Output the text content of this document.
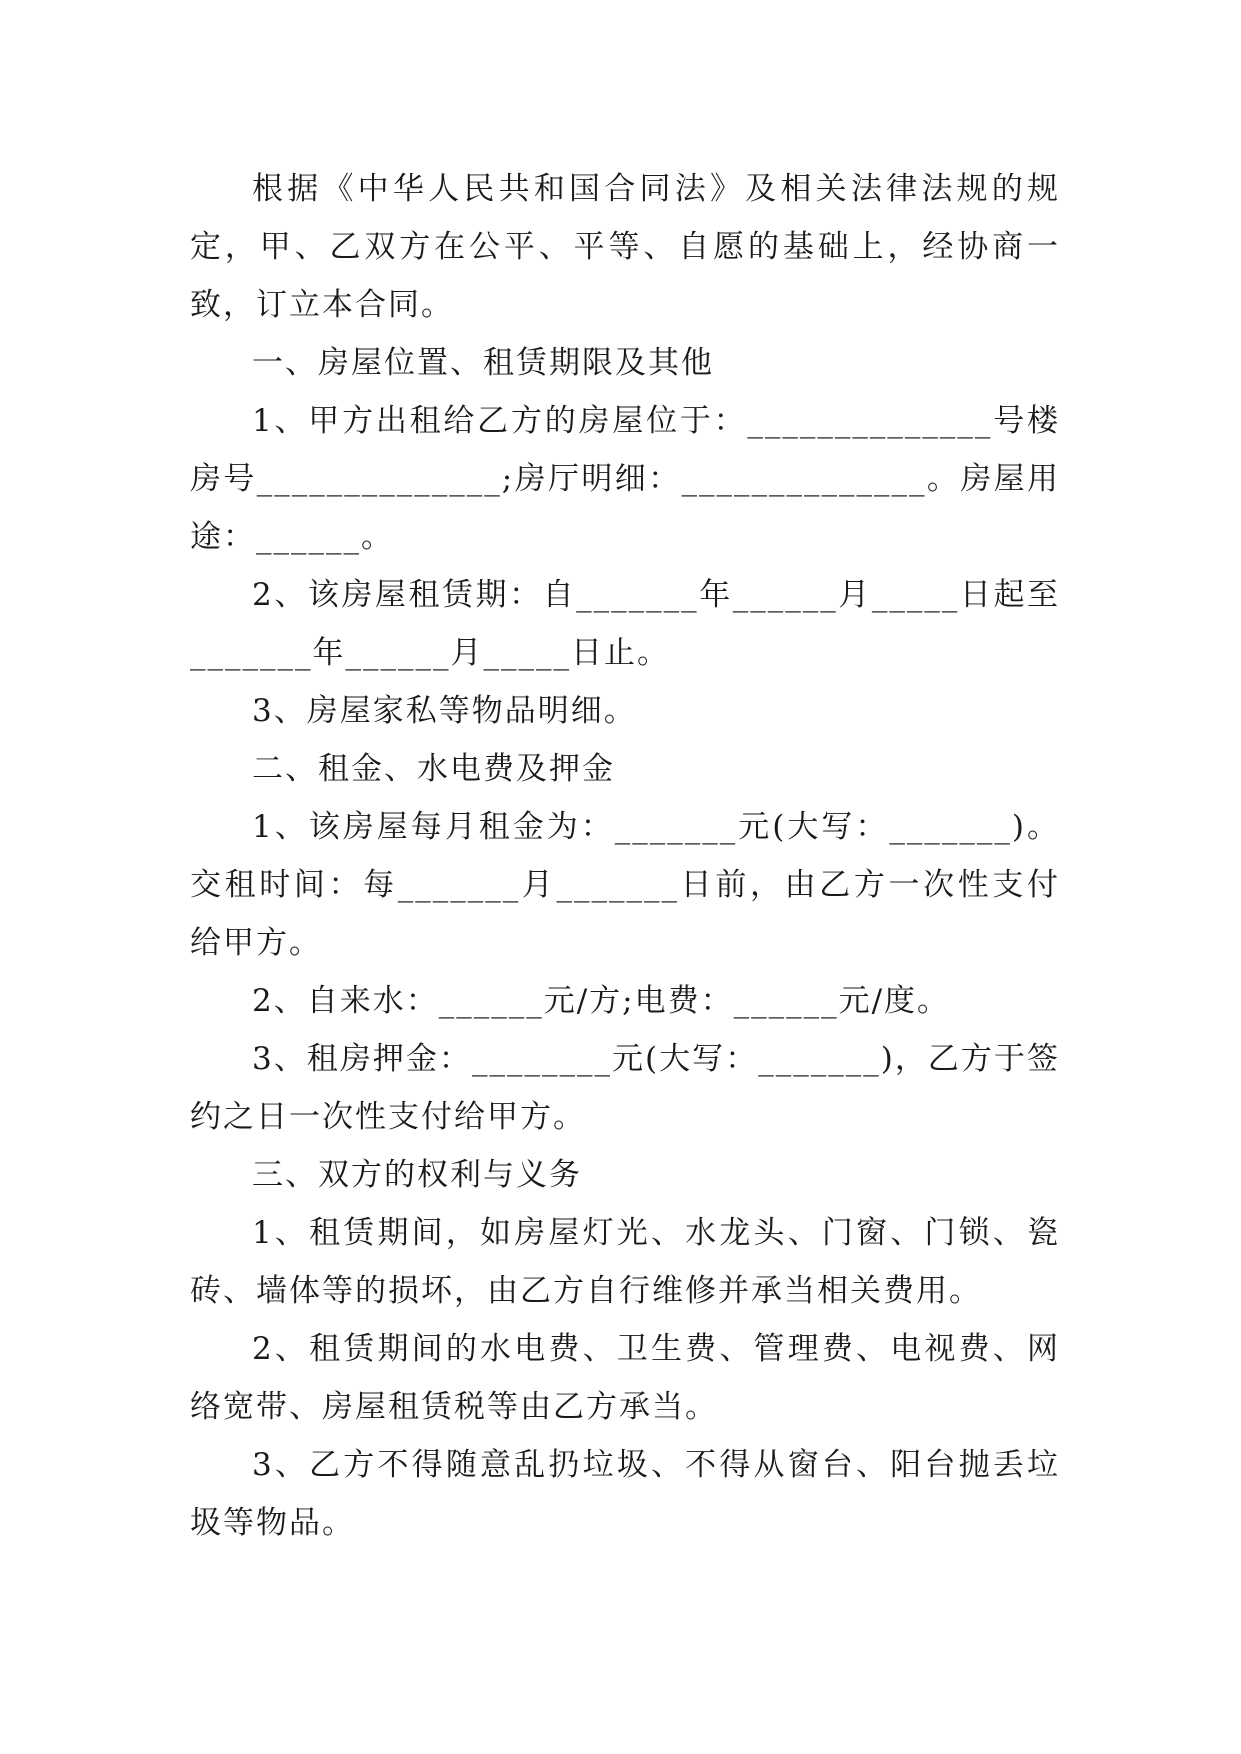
根据《中华人民共和国合同法》及相关法律法规的规定，甲、乙双方在公平、平等、自愿的基础上，经协商一致，订立本合同。

一、房屋位置、租赁期限及其他

1、甲方出租给乙方的房屋位于：______________号楼房号______________;房厅明细：______________。房屋用途：______。

2、该房屋租赁期：自_______年______月_____日起至_______年______月_____日止。

3、房屋家私等物品明细。

二、租金、水电费及押金

1、该房屋每月租金为：_______元(大写：_______)。交租时间：每_______月_______日前，由乙方一次性支付给甲方。

2、自来水：______元/方;电费：______元/度。

3、租房押金：________元(大写：_______)，乙方于签约之日一次性支付给甲方。

三、双方的权利与义务

1、租赁期间，如房屋灯光、水龙头、门窗、门锁、瓷砖、墙体等的损坏，由乙方自行维修并承当相关费用。

2、租赁期间的水电费、卫生费、管理费、电视费、网络宽带、房屋租赁税等由乙方承当。

3、乙方不得随意乱扔垃圾、不得从窗台、阳台抛丢垃圾等物品。
